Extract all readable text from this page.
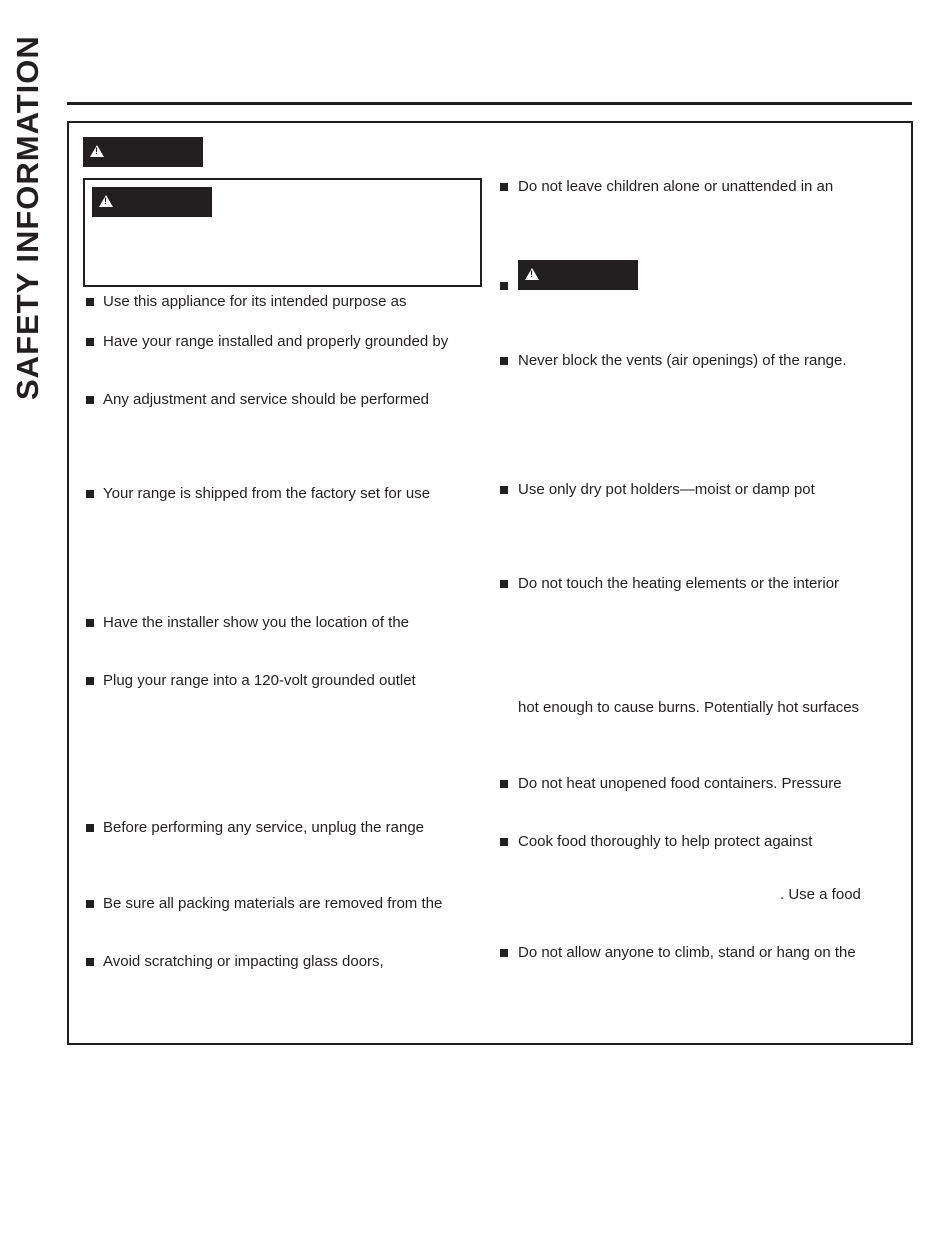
SAFETY INFORMATION
!
!
!	Use this appliance for its intended purpose as
Have your range installed and properly grounded by
Any adjustment and service should be performed
Your range is shipped from the factory set for use
Have the installer show you the location of the
Plug your range into a 120-volt grounded outlet
Before performing any service, unplug the range
Be sure all packing materials are removed from the
Avoid scratching or impacting glass doors,
Do not leave children alone or unattended in an
Never block the vents (air openings) of the range.
Use only dry pot holders—moist or damp pot
Do not touch the heating elements or the interior
hot enough to cause burns. Potentially hot surfaces
Do not heat unopened food containers. Pressure
Cook food thoroughly to help protect against
. Use a food
Do not allow anyone to climb, stand or hang on the
